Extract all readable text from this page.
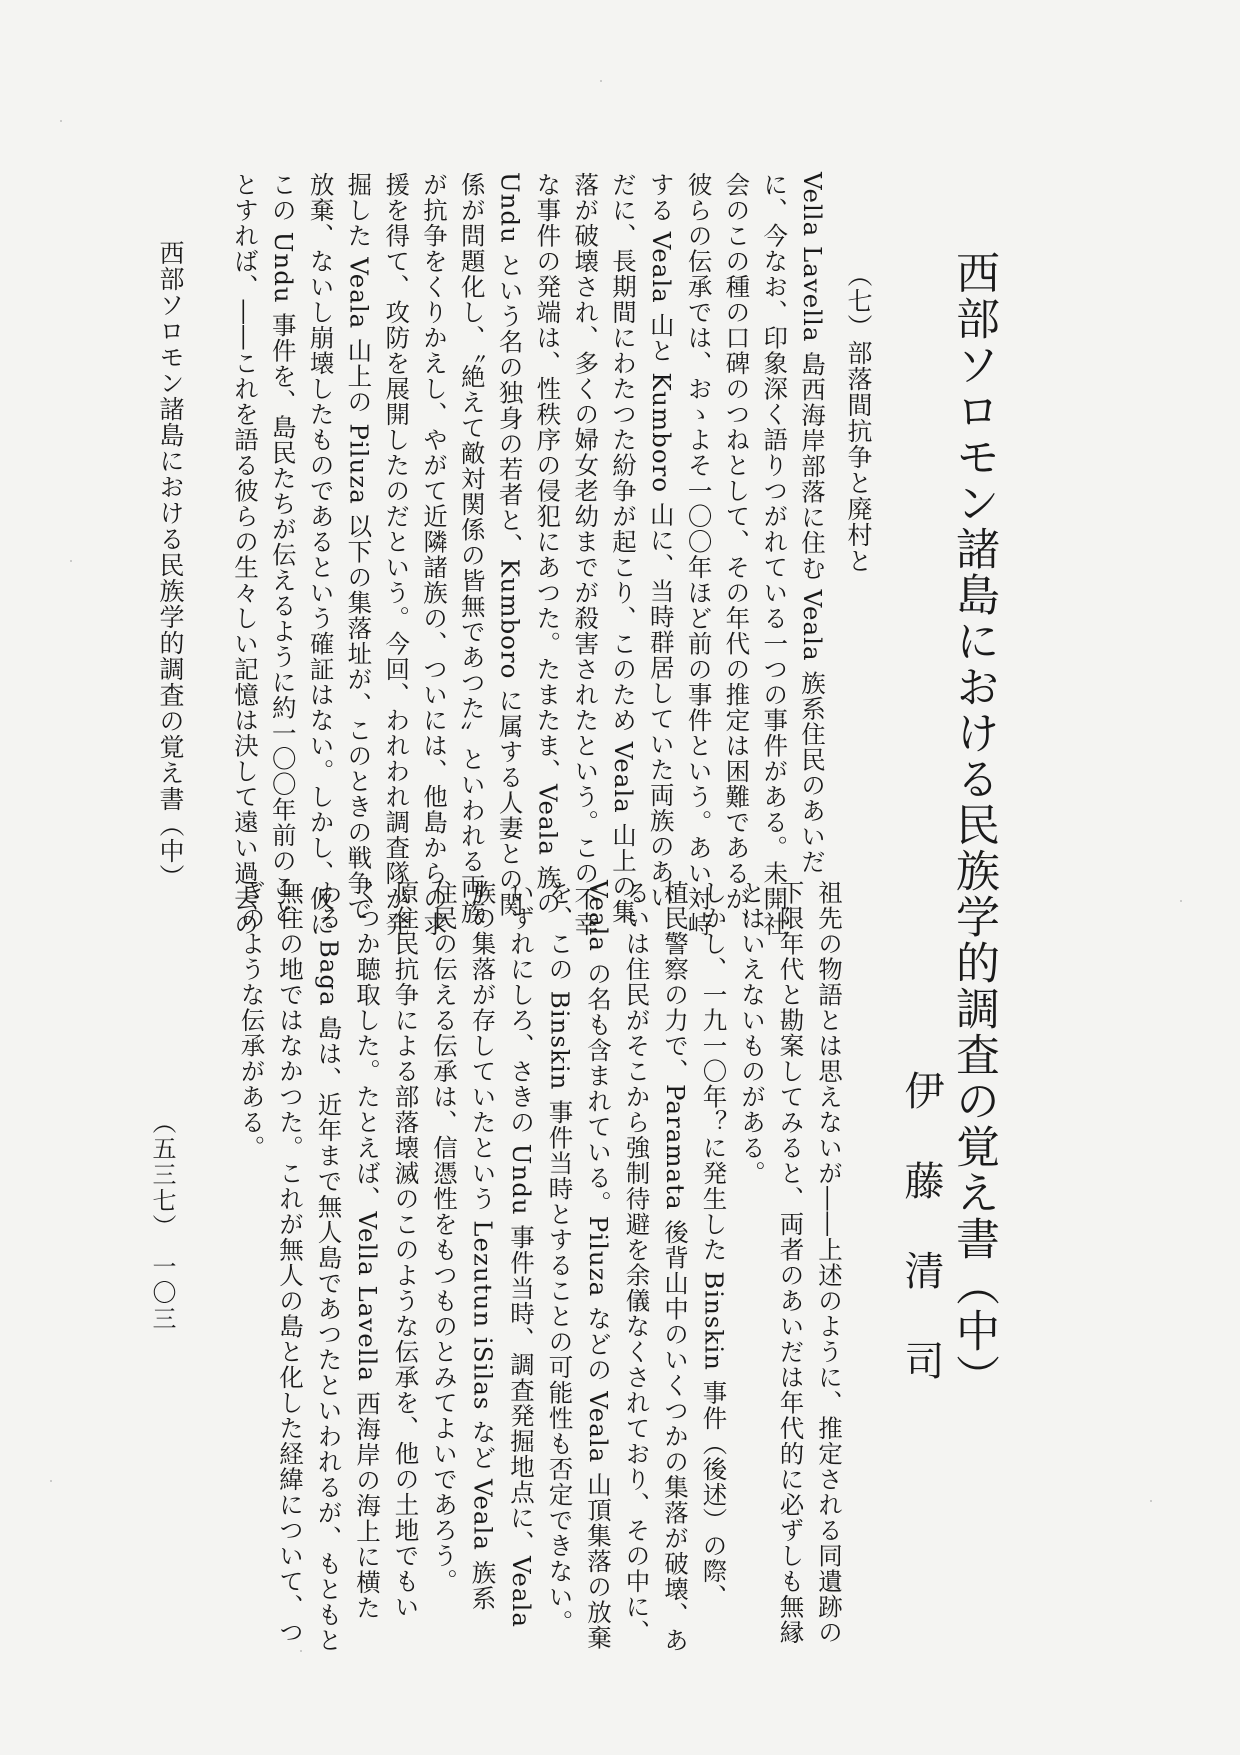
西部ソロモン諸島における民族学的調査の覚え書（中）
伊藤清司
祖先の物語とは思えないが――上述のように、推定される同遺跡の
下限年代と勘案してみると、両者のあいだは年代的に必ずしも無縁
とはいえないものがある。
しかし、一九一〇年？に発生した Binskin 事件（後述）の際、
植民警察の力で、Paramata 後背山中のいくつかの集落が破壊、あ
るいは住民がそこから強制待避を余儀なくされており、その中に、
Veala の名も含まれている。Piluza などの Veala 山頂集落の放棄
を、この Binskin 事件当時とすることの可能性も否定できない。
いずれにしろ、さきの Undu 事件当時、調査発掘地点に、Veala
族の集落が存していたという Lezutun iSilas など Veala 族系
住民の伝える伝承は、信憑性をもつものとみてよいであろう。
原住民抗争による部落壊滅のこのような伝承を、他の土地でもい
くつか聴取した。たとえば、Vella Lavella 西海岸の海上に横た
わる Baga 島は、近年まで無人島であつたといわれるが、もともと
無住の地ではなかつた。これが無人の島と化した経緯について、つ
ぎのような伝承がある。
（七）部落間抗争と廃村と
Vella Lavella 島西海岸部落に住む Veala 族系住民のあいだ
に、今なお、印象深く語りつがれている一つの事件がある。未開社
会のこの種の口碑のつねとして、その年代の推定は困難であるが、
彼らの伝承では、おゝよそ一〇〇年ほど前の事件という。あい対峙
する Veala 山と Kumboro 山に、当時群居していた両族のあい
だに、長期間にわたつた紛争が起こり、このため Veala 山上の集
落が破壊され、多くの婦女老幼までが殺害されたという。この不幸
な事件の発端は、性秩序の侵犯にあつた。たまたま、Veala 族の
Undu という名の独身の若者と、Kumboro に属する人妻との関
係が問題化し、〝絶えて敵対関係の皆無であつた〟といわれる両族
が抗争をくりかえし、やがて近隣諸族の、ついには、他島からの求
援を得て、攻防を展開したのだという。今回、われわれ調査隊が発
掘した Veala 山上の Piluza 以下の集落址が、このときの戦争で
放棄、ないし崩壊したものであるという確証はない。しかし、仮に
この Undu 事件を、島民たちが伝えるように約一〇〇年前のこと
とすれば、――これを語る彼らの生々しい記憶は決して遠い過去の
西部ソロモン諸島における民族学的調査の覚え書（中）
（五三七）　一〇三
